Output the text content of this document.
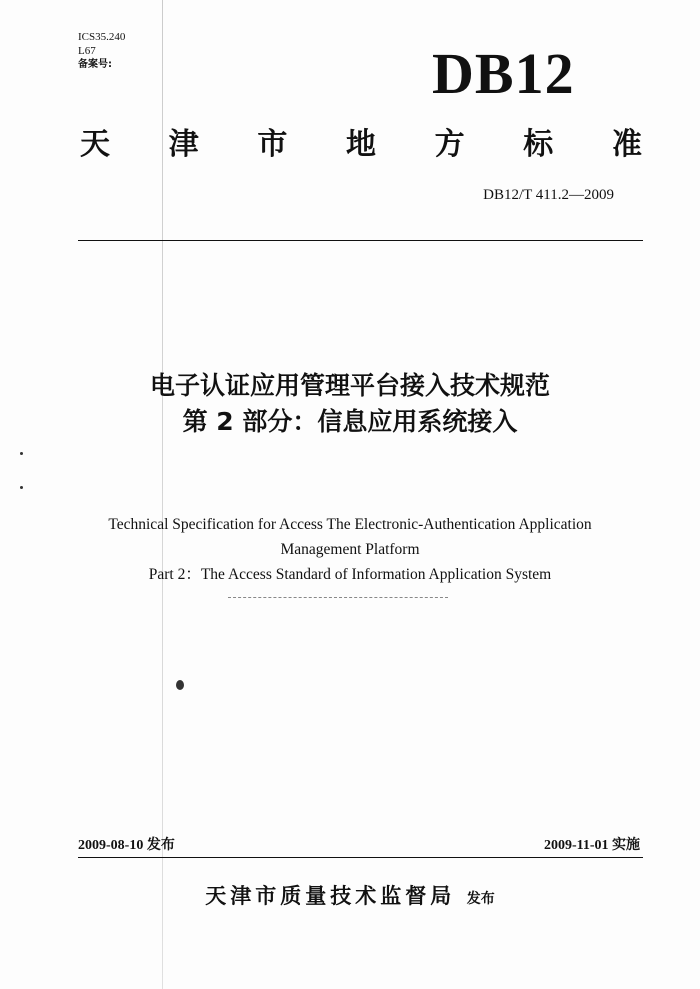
ICS35.240
L67
备案号:	DB12
天 津 市 地 方 标 准
DB12/T 411.2—2009
电子认证应用管理平台接入技术规范
第 2 部分：信息应用系统接入
Technical Specification for Access The Electronic-Authentication Application
Management Platform
Part 2：The Access Standard of Information Application System
2009-08-10 发布	2009-11-01 实施
天津市质量技术监督局 发布
